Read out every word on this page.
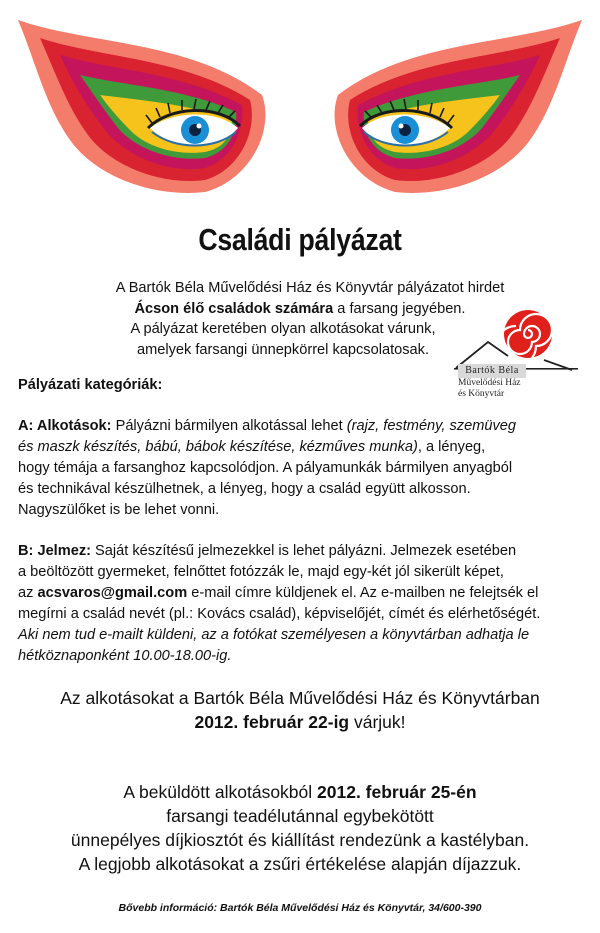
Családi pályázat
A Bartók Béla Művelődési Ház és Könyvtár pályázatot hirdet
Ácson élő családok számára a farsang jegyében.
A pályázat keretében olyan alkotásokat várunk,
amelyek farsangi ünnepkörrel kapcsolatosak.
Bartók Béla
Művelődési Ház
és Könyvtár
Pályázati kategóriák:
A: Alkotások: Pályázni bármilyen alkotással lehet (rajz, festmény, szemüveg
és maszk készítés, bábú, bábok készítése, kézműves munka), a lényeg,
hogy témája a farsanghoz kapcsolódjon. A pályamunkák bármilyen anyagból
és technikával készülhetnek, a lényeg, hogy a család együtt alkosson.
Nagyszülőket is be lehet vonni.
B: Jelmez: Saját készítésű jelmezekkel is lehet pályázni. Jelmezek esetében
a beöltözött gyermeket, felnőttet fotózzák le, majd egy-két jól sikerült képet,
az acsvaros@gmail.com e-mail címre küldjenek el. Az e-mailben ne felejtsék el
megírni a család nevét (pl.: Kovács család), képviselőjét, címét és elérhetőségét.
Aki nem tud e-mailt küldeni, az a fotókat személyesen a könyvtárban adhatja le
hétköznaponként 10.00-18.00-ig.
Az alkotásokat a Bartók Béla Művelődési Ház és Könyvtárban
2012. február 22-ig várjuk!
A beküldött alkotásokból 2012. február 25-én
farsangi teadélutánnal egybekötött
ünnepélyes díjkiosztót és kiállítást rendezünk a kastélyban.
A legjobb alkotásokat a zsűri értékelése alapján díjazzuk.
Bővebb információ: Bartók Béla Művelődési Ház és Könyvtár, 34/600-390
